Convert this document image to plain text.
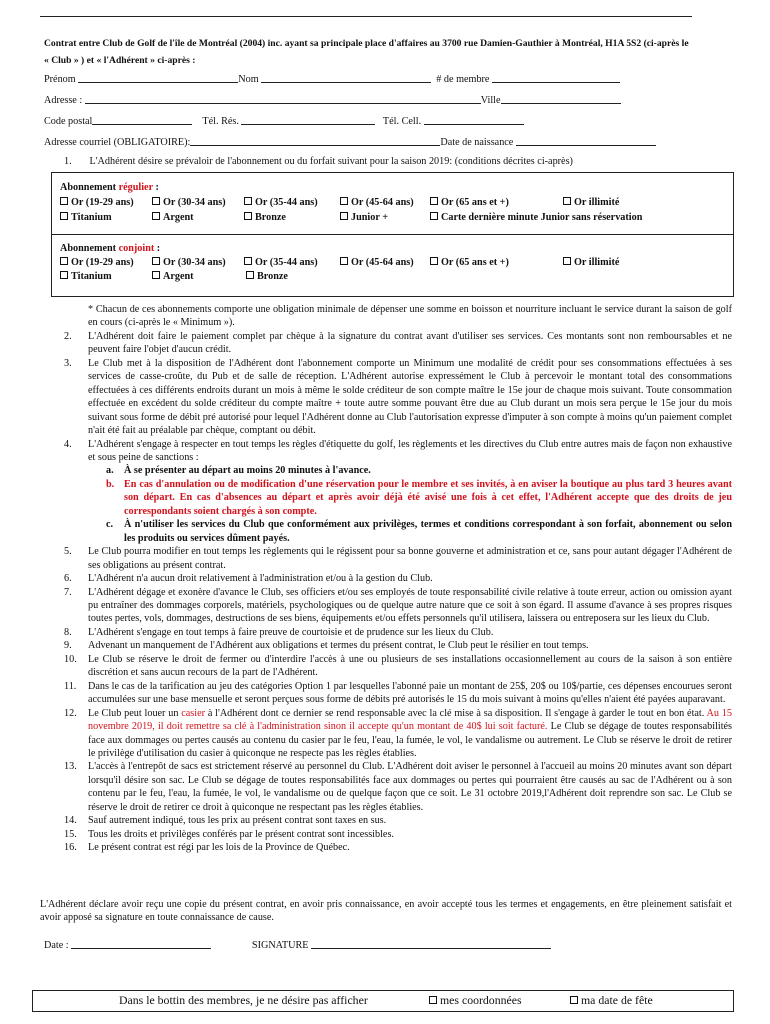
Contrat entre Club de Golf de l'île de Montréal (2004) inc. ayant sa principale place d'affaires au 3700 rue Damien-Gauthier à Montréal, H1A 5S2 (ci-après le
« Club » ) et « l'Adhérent » ci-après :
Prénom	Nom	# de membre
Adresse :	Ville
Code postal	Tél. Rés.	Tél. Cell.
Adresse courriel (OBLIGATOIRE):	Date de naissance
1. L'Adhérent désire se prévaloir de l'abonnement ou du forfait suivant pour la saison 2019: (conditions décrites ci-après)
Abonnement régulier :
Or (19-29 ans)	Or (30-34 ans)	Or (35-44 ans)	Or (45-64 ans)	Or (65 ans et +)	Or illimité
Titanium	Argent	Bronze	Junior +	Carte dernière minute Junior sans réservation
Abonnement conjoint :
Or (19-29 ans)	Or (30-34 ans)	Or (35-44 ans)	Or (45-64 ans)	Or (65 ans et +)	Or illimité
Titanium	Argent	Bronze
* Chacun de ces abonnements comporte une obligation minimale de dépenser une somme en boisson et nourriture incluant le service durant la saison de golf en cours (ci-après le « Minimum »).
2. L'Adhérent doit faire le paiement complet par chèque à la signature du contrat avant d'utiliser ses services. Ces montants sont non remboursables et ne peuvent faire l'objet d'aucun crédit.
3. Le Club met à la disposition de l'Adhérent dont l'abonnement comporte un Minimum une modalité de crédit pour ses consommations effectuées à ses services de casse-croûte, du Pub et de salle de réception. L'Adhérent autorise expressément le Club à percevoir le montant total des consommations effectuées à ces différents endroits durant un mois à même le solde créditeur de son compte maître le 15e jour de chaque mois suivant. Toute consommation effectuée en excédent du solde créditeur du compte maître + toute autre somme pouvant être due au Club durant un mois sera perçue le 15e jour du mois suivant sous forme de débit pré autorisé pour lequel l'Adhérent donne au Club l'autorisation expresse d'imputer à son compte à moins qu'un paiement complet n'ait été fait au préalable par chèque, comptant ou débit.
4. L'Adhérent s'engage à respecter en tout temps les règles d'étiquette du golf, les règlements et les directives du Club entre autres mais de façon non exhaustive et sous peine de sanctions :
a. À se présenter au départ au moins 20 minutes à l'avance.
b. En cas d'annulation ou de modification d'une réservation pour le membre et ses invités, à en aviser la boutique au plus tard 3 heures avant son départ. En cas d'absences au départ et après avoir déjà été avisé une fois à cet effet, l'Adhérent accepte que des droits de jeu correspondants soient chargés à son compte.
c. À n'utiliser les services du Club que conformément aux privilèges, termes et conditions correspondant à son forfait, abonnement ou selon les produits ou services dûment payés.
5. Le Club pourra modifier en tout temps les règlements qui le régissent pour sa bonne gouverne et administration et ce, sans pour autant dégager l'Adhérent de ses obligations au présent contrat.
6. L'Adhérent n'a aucun droit relativement à l'administration et/ou à la gestion du Club.
7. L'Adhérent dégage et exonère d'avance le Club, ses officiers et/ou ses employés de toute responsabilité civile relative à toute erreur, action ou omission ayant pu entraîner des dommages corporels, matériels, psychologiques ou de quelque autre nature que ce soit à son égard. Il assume d'avance à ses propres risques toutes pertes, vols, dommages, destructions de ses biens, équipements et/ou effets personnels qu'il utilisera, laissera ou entreposera sur les lieux du Club.
8. L'Adhérent s'engage en tout temps à faire preuve de courtoisie et de prudence sur les lieux du Club.
9. Advenant un manquement de l'Adhérent aux obligations et termes du présent contrat, le Club peut le résilier en tout temps.
10. Le Club se réserve le droit de fermer ou d'interdire l'accès à une ou plusieurs de ses installations occasionnellement au cours de la saison à son entière discrétion et sans aucun recours de la part de l'Adhérent.
11. Dans le cas de la tarification au jeu des catégories Option 1 par lesquelles l'abonné paie un montant de 25$, 20$ ou 10$/partie, ces dépenses encourues seront accumulées sur une base mensuelle et seront perçues sous forme de débits pré autorisés le 15 du mois suivant à moins qu'elles n'aient été payées auparavant.
12. Le Club peut louer un casier à l'Adhérent dont ce dernier se rend responsable avec la clé mise à sa disposition. Il s'engage à garder le tout en bon état. Au 15 novembre 2019, il doit remettre sa clé à l'administration sinon il accepte qu'un montant de 40$ lui soit facturé. Le Club se dégage de toutes responsabilités face aux dommages ou pertes causés au contenu du casier par le feu, l'eau, la fumée, le vol, le vandalisme ou autrement. Le Club se réserve le droit de retirer le privilège d'utilisation du casier à quiconque ne respecte pas les règles établies.
13. L'accès à l'entrepôt de sacs est strictement réservé au personnel du Club. L'Adhérent doit aviser le personnel à l'accueil au moins 20 minutes avant son départ lorsqu'il désire son sac. Le Club se dégage de toutes responsabilités face aux dommages ou pertes qui pourraient être causés au sac de l'Adhérent ou à son contenu par le feu, l'eau, la fumée, le vol, le vandalisme ou de quelque façon que ce soit. Le 31 octobre 2019,l'Adhérent doit reprendre son sac. Le Club se réserve le droit de retirer ce droit à quiconque ne respectant pas les règles établies.
14. Sauf autrement indiqué, tous les prix au présent contrat sont taxes en sus.
15. Tous les droits et privilèges conférés par le présent contrat sont incessibles.
16. Le présent contrat est régi par les lois de la Province de Québec.
L'Adhérent déclare avoir reçu une copie du présent contrat, en avoir pris connaissance, en avoir accepté tous les termes et engagements, en être pleinement satisfait et avoir apposé sa signature en toute connaissance de cause.
Date :	SIGNATURE
Dans le bottin des membres, je ne désire pas afficher	mes coordonnées	ma date de fête
